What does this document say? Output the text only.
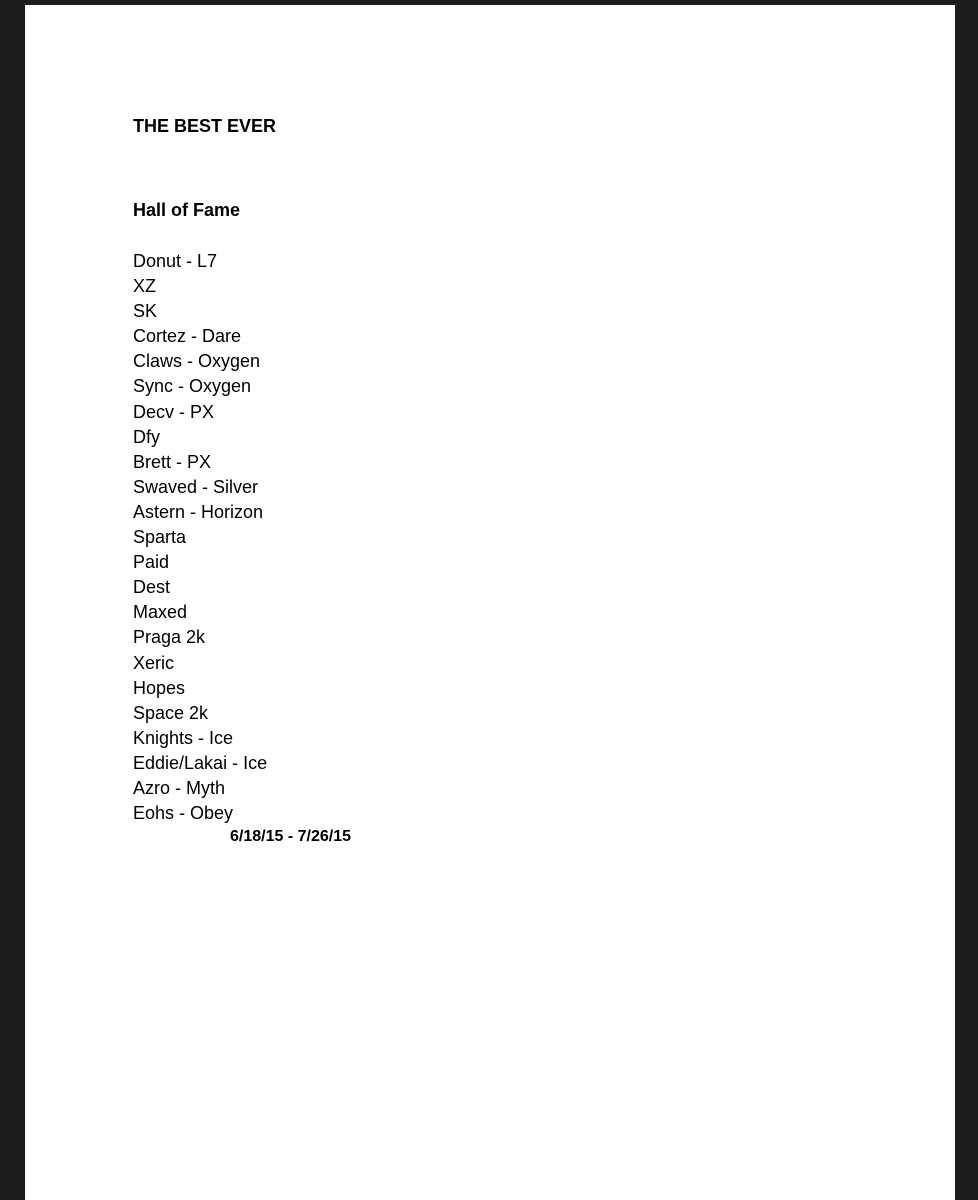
THE BEST EVER
Hall of Fame
Donut - L7
XZ
SK
Cortez - Dare
Claws - Oxygen
Sync - Oxygen
Decv - PX
Dfy
Brett - PX
Swaved - Silver
Astern - Horizon
Sparta
Paid
Dest
Maxed
Praga 2k
Xeric
Hopes
Space 2k
Knights - Ice
Eddie/Lakai - Ice
Azro - Myth
Eohs - Obey
6/18/15 - 7/26/15
